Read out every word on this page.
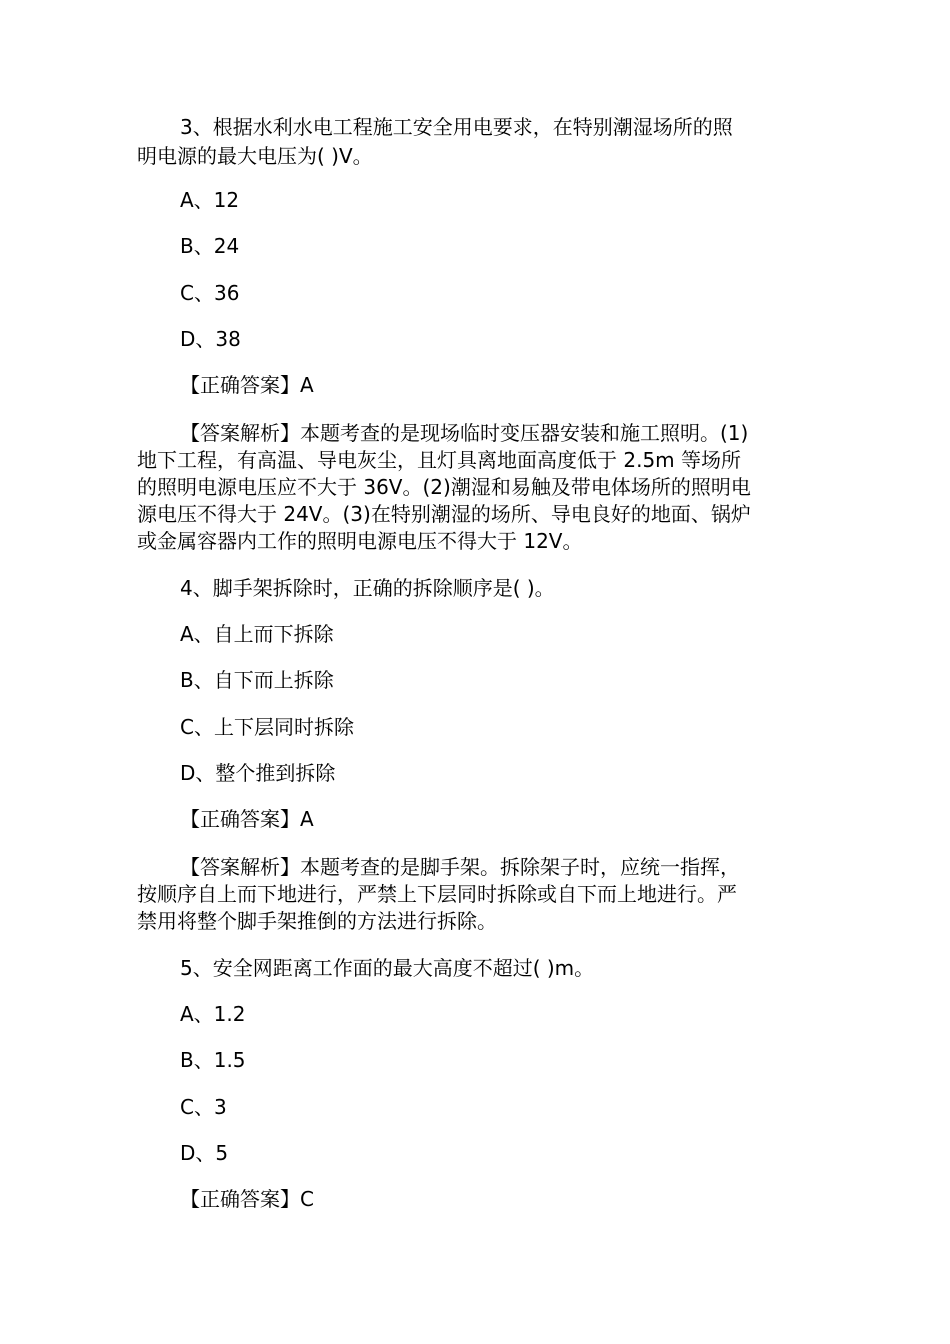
3、根据水利水电工程施工安全用电要求，在特别潮湿场所的照
明电源的最大电压为( )V。
A、12
B、24
C、36
D、38
【正确答案】A
【答案解析】本题考查的是现场临时变压器安装和施工照明。(1)
地下工程，有高温、导电灰尘，且灯具离地面高度低于 2.5m 等场所
的照明电源电压应不大于 36V。(2)潮湿和易触及带电体场所的照明电
源电压不得大于 24V。(3)在特别潮湿的场所、导电良好的地面、锅炉
或金属容器内工作的照明电源电压不得大于 12V。
4、脚手架拆除时，正确的拆除顺序是( )。
A、自上而下拆除
B、自下而上拆除
C、上下层同时拆除
D、整个推到拆除
【正确答案】A
【答案解析】本题考查的是脚手架。拆除架子时，应统一指挥，
按顺序自上而下地进行，严禁上下层同时拆除或自下而上地进行。严
禁用将整个脚手架推倒的方法进行拆除。
5、安全网距离工作面的最大高度不超过( )m。
A、1.2
B、1.5
C、3
D、5
【正确答案】C
